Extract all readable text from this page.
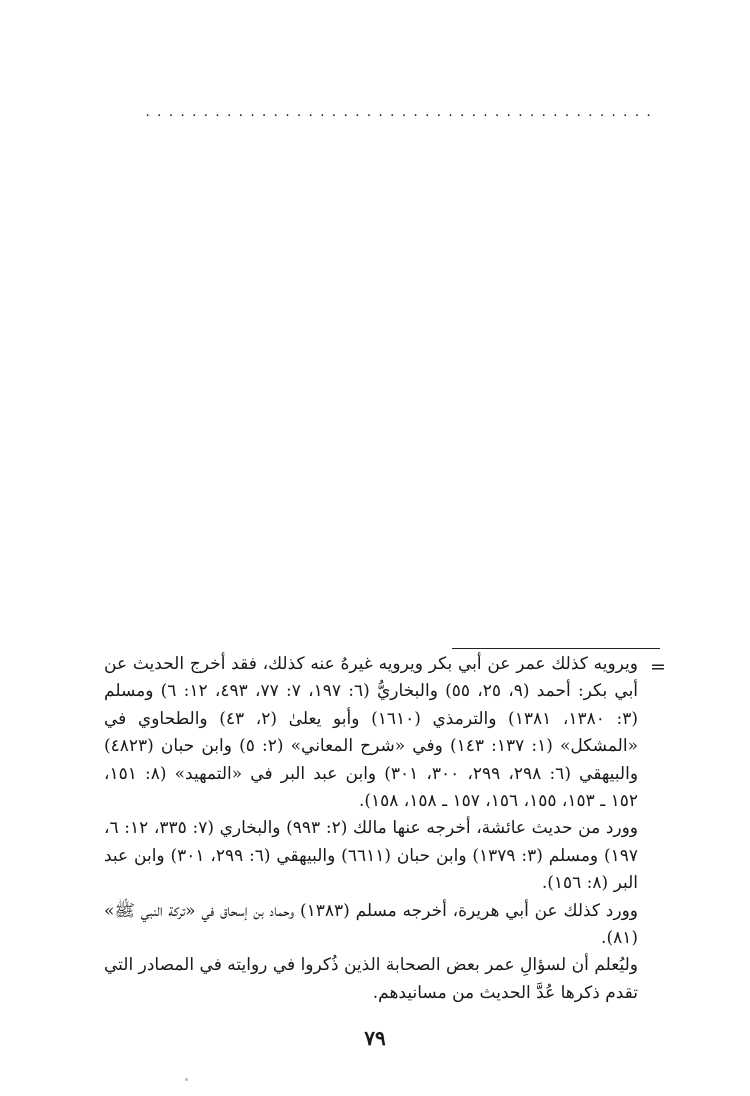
............................................
=

ويرويه كذلك عمر عن أبي بكر ويرويه غيرهُ عنه كذلك، فقد أخرج الحديث عن أبي بكر: أحمد (٩، ٢٥، ٥٥) والبخاريُّ (٦: ١٩٧، ٧: ٧٧، ٤٩٣، ١٢: ٦) ومسلم (٣: ١٣٨٠، ١٣٨١) والترمذي (١٦١٠) وأبو يعلىٰ (٢، ٤٣) والطحاوي في «المشكل» (١: ١٣٧: ١٤٣) وفي «شرح المعاني» (٢: ٥) وابن حبان (٤٨٢٣) والبيهقي (٦: ٢٩٨، ٢٩٩، ٣٠٠، ٣٠١) وابن عبد البر في «التمهيد» (٨: ١٥١، ١٥٢ ـ ١٥٣، ١٥٥، ١٥٦، ١٥٧ ـ ١٥٨، ١٥٨).

وورد من حديث عائشة، أخرجه عنها مالك (٢: ٩٩٣) والبخاري (٧: ٣٣٥، ١٢: ٦، ١٩٧) ومسلم (٣: ١٣٧٩) وابن حبان (٦٦١١) والبيهقي (٦: ٢٩٩، ٣٠١) وابن عبد البر (٨: ١٥٦).

وورد كذلك عن أبي هريرة، أخرجه مسلم (١٣٨٣) وحماد بن إسحاق في «تركة النبي ﷺ» (٨١).

وليُعلم أن لسؤالِ عمر بعض الصحابة الذين ذُكروا في روايته في المصادر التي تقدم ذكرها عُدَّ الحديث من مسانيدهم.

٧٩
